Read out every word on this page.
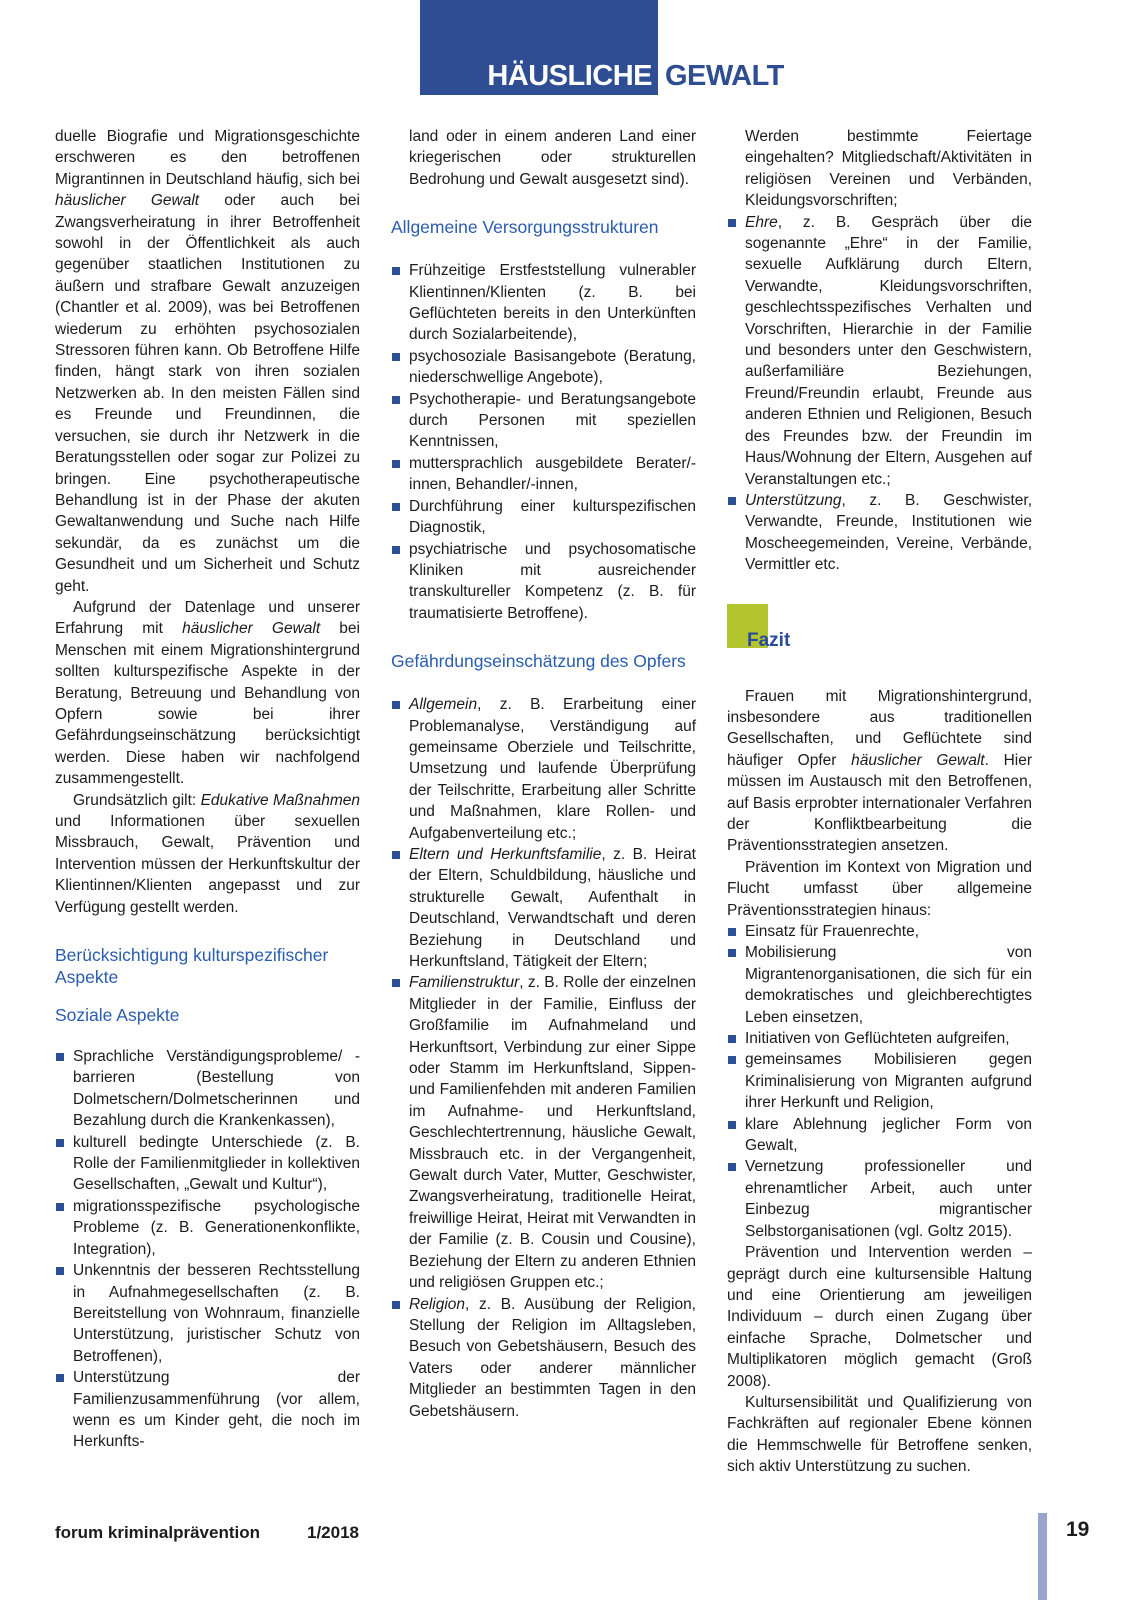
HÄUSLICHE GEWALT

duelle Biografie und Migrationsgeschichte erschweren es den betroffenen Migrantinnen in Deutschland häufig, sich bei häuslicher Gewalt oder auch bei Zwangsverheiratung in ihrer Betroffenheit sowohl in der Öffentlichkeit als auch gegenüber staatlichen Institutionen zu äußern und strafbare Gewalt anzuzeigen (Chantler et al. 2009), was bei Betroffenen wiederum zu erhöhten psychosozialen Stressoren führen kann. Ob Betroffene Hilfe finden, hängt stark von ihren sozialen Netzwerken ab. In den meisten Fällen sind es Freunde und Freundinnen, die versuchen, sie durch ihr Netzwerk in die Beratungsstellen oder sogar zur Polizei zu bringen. Eine psychotherapeutische Behandlung ist in der Phase der akuten Gewaltanwendung und Suche nach Hilfe sekundär, da es zunächst um die Gesundheit und um Sicherheit und Schutz geht.

Aufgrund der Datenlage und unserer Erfahrung mit häuslicher Gewalt bei Menschen mit einem Migrationshintergrund sollten kulturspezifische Aspekte in der Beratung, Betreuung und Behandlung von Opfern sowie bei ihrer Gefährdungseinschätzung berücksichtigt werden. Diese haben wir nachfolgend zusammengestellt.

Grundsätzlich gilt: Edukative Maßnahmen und Informationen über sexuellen Missbrauch, Gewalt, Prävention und Intervention müssen der Herkunftskultur der Klientinnen/Klienten angepasst und zur Verfügung gestellt werden.

Berücksichtigung kulturspezifischer Aspekte
Soziale Aspekte
Sprachliche Verständigungsprobleme/ -barrieren (Bestellung von Dolmetschern/Dolmetscherinnen und Bezahlung durch die Krankenkassen),
kulturell bedingte Unterschiede (z. B. Rolle der Familienmitglieder in kollektiven Gesellschaften, „Gewalt und Kultur“),
migrationsspezifische psychologische Probleme (z. B. Generationenkonflikte, Integration),
Unkenntnis der besseren Rechtsstellung in Aufnahmegesellschaften (z. B. Bereitstellung von Wohnraum, finanzielle Unterstützung, juristischer Schutz von Betroffenen),
Unterstützung der Familienzusammenführung (vor allem, wenn es um Kinder geht, die noch im Herkunfts-

land oder in einem anderen Land einer kriegerischen oder strukturellen Bedrohung und Gewalt ausgesetzt sind).

Allgemeine Versorgungsstrukturen
Frühzeitige Erstfeststellung vulnerabler Klientinnen/Klienten (z. B. bei Geflüchteten bereits in den Unterkünften durch Sozialarbeitende),
psychosoziale Basisangebote (Beratung, niederschwellige Angebote),
Psychotherapie- und Beratungsangebote durch Personen mit speziellen Kenntnissen,
muttersprachlich ausgebildete Berater/-innen, Behandler/-innen,
Durchführung einer kulturspezifischen Diagnostik,
psychiatrische und psychosomatische Kliniken mit ausreichender transkultureller Kompetenz (z. B. für traumatisierte Betroffene).
Gefährdungseinschätzung des Opfers
Allgemein, z. B. Erarbeitung einer Problemanalyse, Verständigung auf gemeinsame Oberziele und Teilschritte, Umsetzung und laufende Überprüfung der Teilschritte, Erarbeitung aller Schritte und Maßnahmen, klare Rollen- und Aufgabenverteilung etc.;
Eltern und Herkunftsfamilie, z. B. Heirat der Eltern, Schuldbildung, häusliche und strukturelle Gewalt, Aufenthalt in Deutschland, Verwandtschaft und deren Beziehung in Deutschland und Herkunftsland, Tätigkeit der Eltern;
Familienstruktur, z. B. Rolle der einzelnen Mitglieder in der Familie, Einfluss der Großfamilie im Aufnahmeland und Herkunftsort, Verbindung zur einer Sippe oder Stamm im Herkunftsland, Sippen- und Familienfehden mit anderen Familien im Aufnahme- und Herkunftsland, Geschlechtertrennung, häusliche Gewalt, Missbrauch etc. in der Vergangenheit, Gewalt durch Vater, Mutter, Geschwister, Zwangsverheiratung, traditionelle Heirat, freiwillige Heirat, Heirat mit Verwandten in der Familie (z. B. Cousin und Cousine), Beziehung der Eltern zu anderen Ethnien und religiösen Gruppen etc.;
Religion, z. B. Ausübung der Religion, Stellung der Religion im Alltagsleben, Besuch von Gebetshäusern, Besuch des Vaters oder anderer männlicher Mitglieder an bestimmten Tagen in den Gebetshäusern.

Werden bestimmte Feiertage eingehalten? Mitgliedschaft/Aktivitäten in religiösen Vereinen und Verbänden, Kleidungsvorschriften;

Ehre, z. B. Gespräch über die sogenannte „Ehre“ in der Familie, sexuelle Aufklärung durch Eltern, Verwandte, Kleidungsvorschriften, geschlechtsspezifisches Verhalten und Vorschriften, Hierarchie in der Familie und besonders unter den Geschwistern, außerfamiliäre Beziehungen, Freund/Freundin erlaubt, Freunde aus anderen Ethnien und Religionen, Besuch des Freundes bzw. der Freundin im Haus/Wohnung der Eltern, Ausgehen auf Veranstaltungen etc.;
Unterstützung, z. B. Geschwister, Verwandte, Freunde, Institutionen wie Moscheegemeinden, Vereine, Verbände, Vermittler etc.
Fazit

Frauen mit Migrationshintergrund, insbesondere aus traditionellen Gesellschaften, und Geflüchtete sind häufiger Opfer häuslicher Gewalt. Hier müssen im Austausch mit den Betroffenen, auf Basis erprobter internationaler Verfahren der Konfliktbearbeitung die Präventionsstrategien ansetzen.

Prävention im Kontext von Migration und Flucht umfasst über allgemeine Präventionsstrategien hinaus:

Einsatz für Frauenrechte,
Mobilisierung von Migrantenorganisationen, die sich für ein demokratisches und gleichberechtigtes Leben einsetzen,
Initiativen von Geflüchteten aufgreifen,
gemeinsames Mobilisieren gegen Kriminalisierung von Migranten aufgrund ihrer Herkunft und Religion,
klare Ablehnung jeglicher Form von Gewalt,
Vernetzung professioneller und ehrenamtlicher Arbeit, auch unter Einbezug migrantischer Selbstorganisationen (vgl. Goltz 2015).

Prävention und Intervention werden – geprägt durch eine kultursensible Haltung und eine Orientierung am jeweiligen Individuum – durch einen Zugang über einfache Sprache, Dolmetscher und Multiplikatoren möglich gemacht (Groß 2008).

Kultursensibilität und Qualifizierung von Fachkräften auf regionaler Ebene können die Hemmschwelle für Betroffene senken, sich aktiv Unterstützung zu suchen.

forum kriminalprävention	1/2018	19
